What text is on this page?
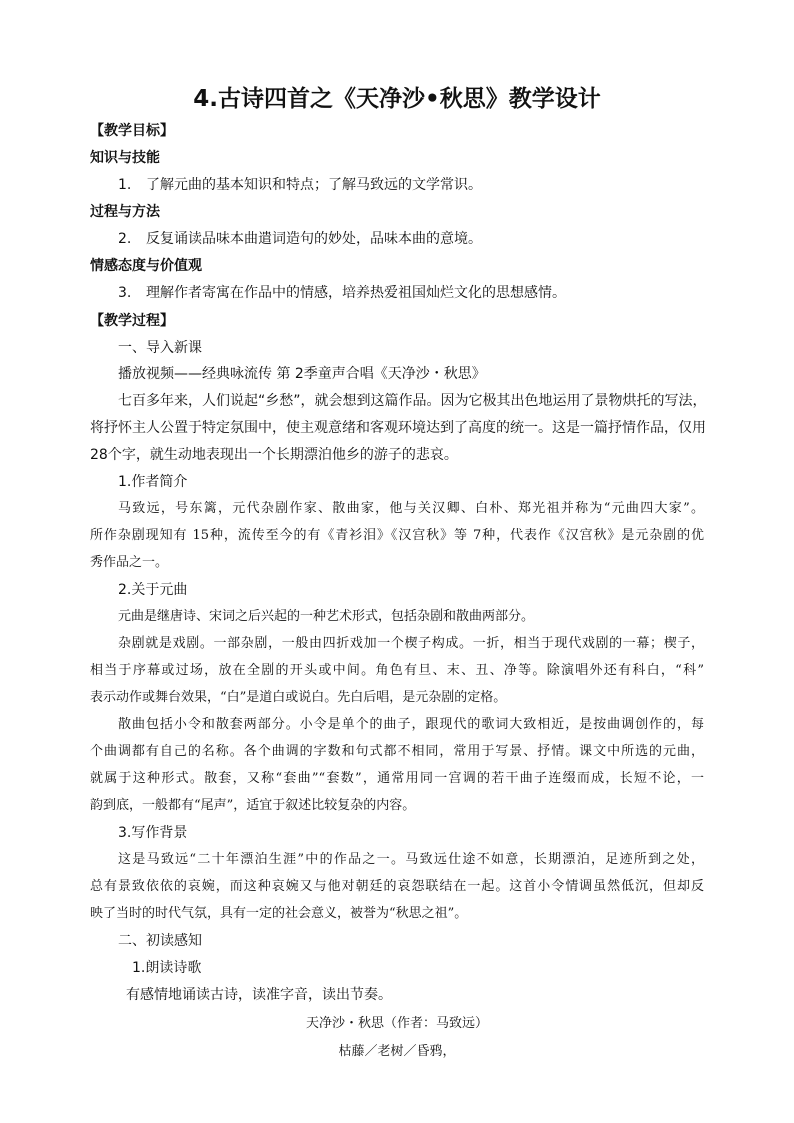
4.古诗四首之《天净沙•秋思》教学设计
【教学目标】
知识与技能
1. 了解元曲的基本知识和特点；了解马致远的文学常识。
过程与方法
2. 反复诵读品味本曲遣词造句的妙处，品味本曲的意境。
情感态度与价值观
3. 理解作者寄寓在作品中的情感，培养热爱祖国灿烂文化的思想感情。
【教学过程】
一、导入新课
播放视频——经典咏流传 第 2季童声合唱《天净沙・秋思》
七百多年来，人们说起“乡愁”，就会想到这篇作品。因为它极其出色地运用了景物烘托的写法，
将抒怀主人公置于特定氛围中，使主观意绪和客观环境达到了高度的统一。这是一篇抒情作品，仅用
28个字，就生动地表现出一个长期漂泊他乡的游子的悲哀。
1.作者简介
马致远，号东篱，元代杂剧作家、散曲家，他与关汉卿、白朴、郑光祖并称为“元曲四大家”。
所作杂剧现知有 15种，流传至今的有《青衫泪》《汉宫秋》等 7种，代表作《汉宫秋》是元杂剧的优
秀作品之一。
2.关于元曲
元曲是继唐诗、宋词之后兴起的一种艺术形式，包括杂剧和散曲两部分。
杂剧就是戏剧。一部杂剧，一般由四折戏加一个楔子构成。一折，相当于现代戏剧的一幕；楔子，
相当于序幕或过场，放在全剧的开头或中间。角色有旦、末、丑、净等。除演唱外还有科白，“科”
表示动作或舞台效果，“白”是道白或说白。先白后唱，是元杂剧的定格。
散曲包括小令和散套两部分。小令是单个的曲子，跟现代的歌词大致相近，是按曲调创作的，每
个曲调都有自己的名称。各个曲调的字数和句式都不相同，常用于写景、抒情。课文中所选的元曲，
就属于这种形式。散套，又称“套曲”“套数”，通常用同一宫调的若干曲子连缀而成，长短不论，一
韵到底，一般都有“尾声”，适宜于叙述比较复杂的内容。
3.写作背景
这是马致远“二十年漂泊生涯”中的作品之一。马致远仕途不如意，长期漂泊，足迹所到之处，
总有景致依依的哀婉，而这种哀婉又与他对朝廷的哀怨联结在一起。这首小令情调虽然低沉，但却反
映了当时的时代气氛，具有一定的社会意义，被誉为“秋思之祖”。
二、初读感知
1.朗读诗歌
有感情地诵读古诗，读准字音，读出节奏。
天净沙・秋思（作者：马致远）
枯藤／老树／昏鸦，
